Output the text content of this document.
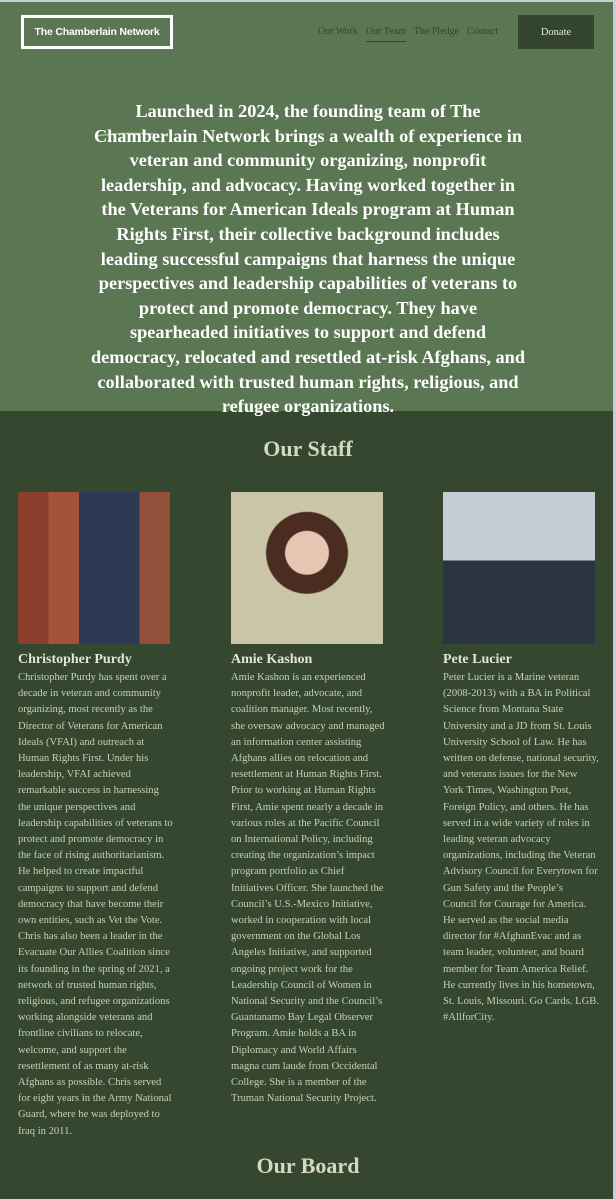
The Chamberlain Network	Our Work Our Team The Pledge Contact	Donate

Launched in 2024, the founding team of The Chamberlain Network brings a wealth of experience in veteran and community organizing, nonprofit leadership, and advocacy. Having worked together in the Veterans for American Ideals program at Human Rights First, their collective background includes leading successful campaigns that harness the unique perspectives and leadership capabilities of veterans to protect and promote democracy. They have spearheaded initiatives to support and defend democracy, relocated and resettled at-risk Afghans, and collaborated with trusted human rights, religious, and refugee organizations.

Our Staff
Christopher Purdy
Christopher Purdy has spent over a decade in veteran and community organizing, most recently as the Director of Veterans for American Ideals (VFAI) and outreach at Human Rights First. Under his leadership, VFAI achieved remarkable success in harnessing the unique perspectives and leadership capabilities of veterans to protect and promote democracy in the face of rising authoritarianism. He helped to create impactful campaigns to support and defend democracy that have become their own entities, such as Vet the Vote. Chris has also been a leader in the Evacuate Our Allies Coalition since its founding in the spring of 2021, a network of trusted human rights, religious, and refugee organizations working alongside veterans and frontline civilians to relocate, welcome, and support the resettlement of as many at-risk Afghans as possible. Chris served for eight years in the Army National Guard, where he was deployed to Iraq in 2011.
Amie Kashon
Amie Kashon is an experienced nonprofit leader, advocate, and coalition manager. Most recently, she oversaw advocacy and managed an information center assisting Afghans allies on relocation and resettlement at Human Rights First. Prior to working at Human Rights First, Amie spent nearly a decade in various roles at the Pacific Council on International Policy, including creating the organization’s impact program portfolio as Chief Initiatives Officer. She launched the Council’s U.S.-Mexico Initiative, worked in cooperation with local government on the Global Los Angeles Initiative, and supported ongoing project work for the Leadership Council of Women in National Security and the Council’s Guantanamo Bay Legal Observer Program. Amie holds a BA in Diplomacy and World Affairs magna cum laude from Occidental College. She is a member of the Truman National Security Project.
Pete Lucier
Peter Lucier is a Marine veteran (2008-2013) with a BA in Political Science from Montana State University and a JD from St. Louis University School of Law. He has written on defense, national security, and veterans issues for the New York Times, Washington Post, Foreign Policy, and others. He has served in a wide variety of roles in leading veteran advocacy organizations, including the Veteran Advisory Council for Everytown for Gun Safety and the People’s Council for Courage for America. He served as the social media director for #AfghanEvac and as team leader, volunteer, and board member for Team America Relief. He currently lives in his hometown, St. Louis, Missouri. Go Cards. LGB. #AllforCity.
Our Board
